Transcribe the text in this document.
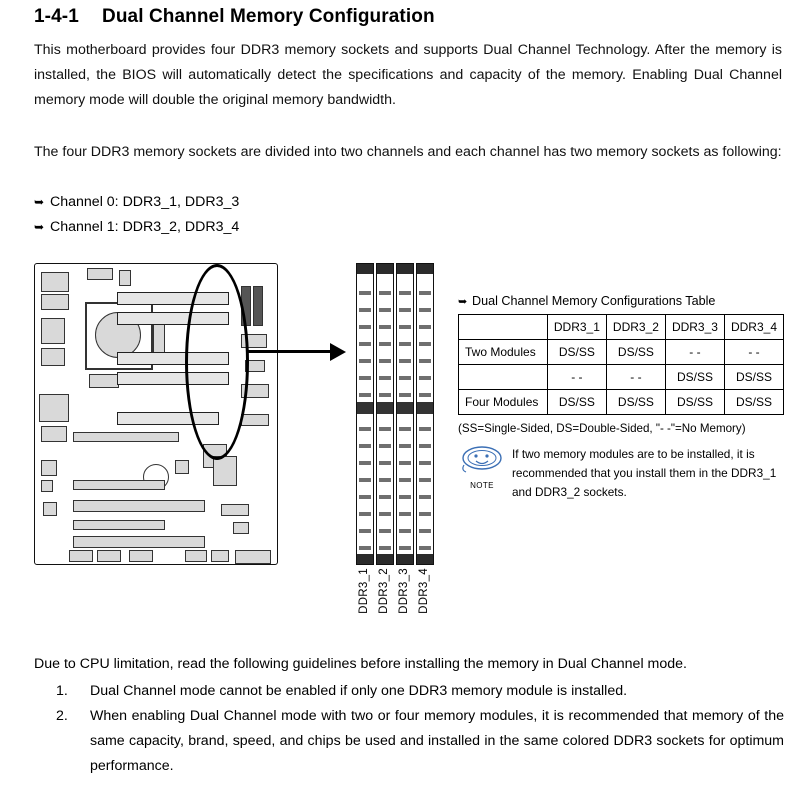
1-4-1 Dual Channel Memory Configuration
This motherboard provides four DDR3 memory sockets and supports Dual Channel Technology. After the memory is installed, the BIOS will automatically detect the specifications and capacity of the memory. Enabling Dual Channel memory mode will double the original memory bandwidth.
The four DDR3 memory sockets are divided into two channels and each channel has two memory sockets as following:
➥ Channel 0: DDR3_1, DDR3_3
➥ Channel 1: DDR3_2, DDR3_4
DDR3_1 DDR3_2 DDR3_3 DDR3_4
➥ Dual Channel Memory Configurations Table
	DDR3_1	DDR3_2	DDR3_3	DDR3_4
Two Modules	DS/SS	DS/SS	- -	- -
	- -	- -	DS/SS	DS/SS
Four Modules	DS/SS	DS/SS	DS/SS	DS/SS
(SS=Single-Sided, DS=Double-Sided, "- -"=No Memory)
NOTE
If two memory modules are to be installed, it is recommended that you install them in the DDR3_1 and DDR3_2 sockets.
Due to CPU limitation, read the following guidelines before installing the memory in Dual Channel mode.
1. Dual Channel mode cannot be enabled if only one DDR3 memory module is installed.
2. When enabling Dual Channel mode with two or four memory modules, it is recommended that memory of the same capacity, brand, speed, and chips be used and installed in the same colored DDR3 sockets for optimum performance.
